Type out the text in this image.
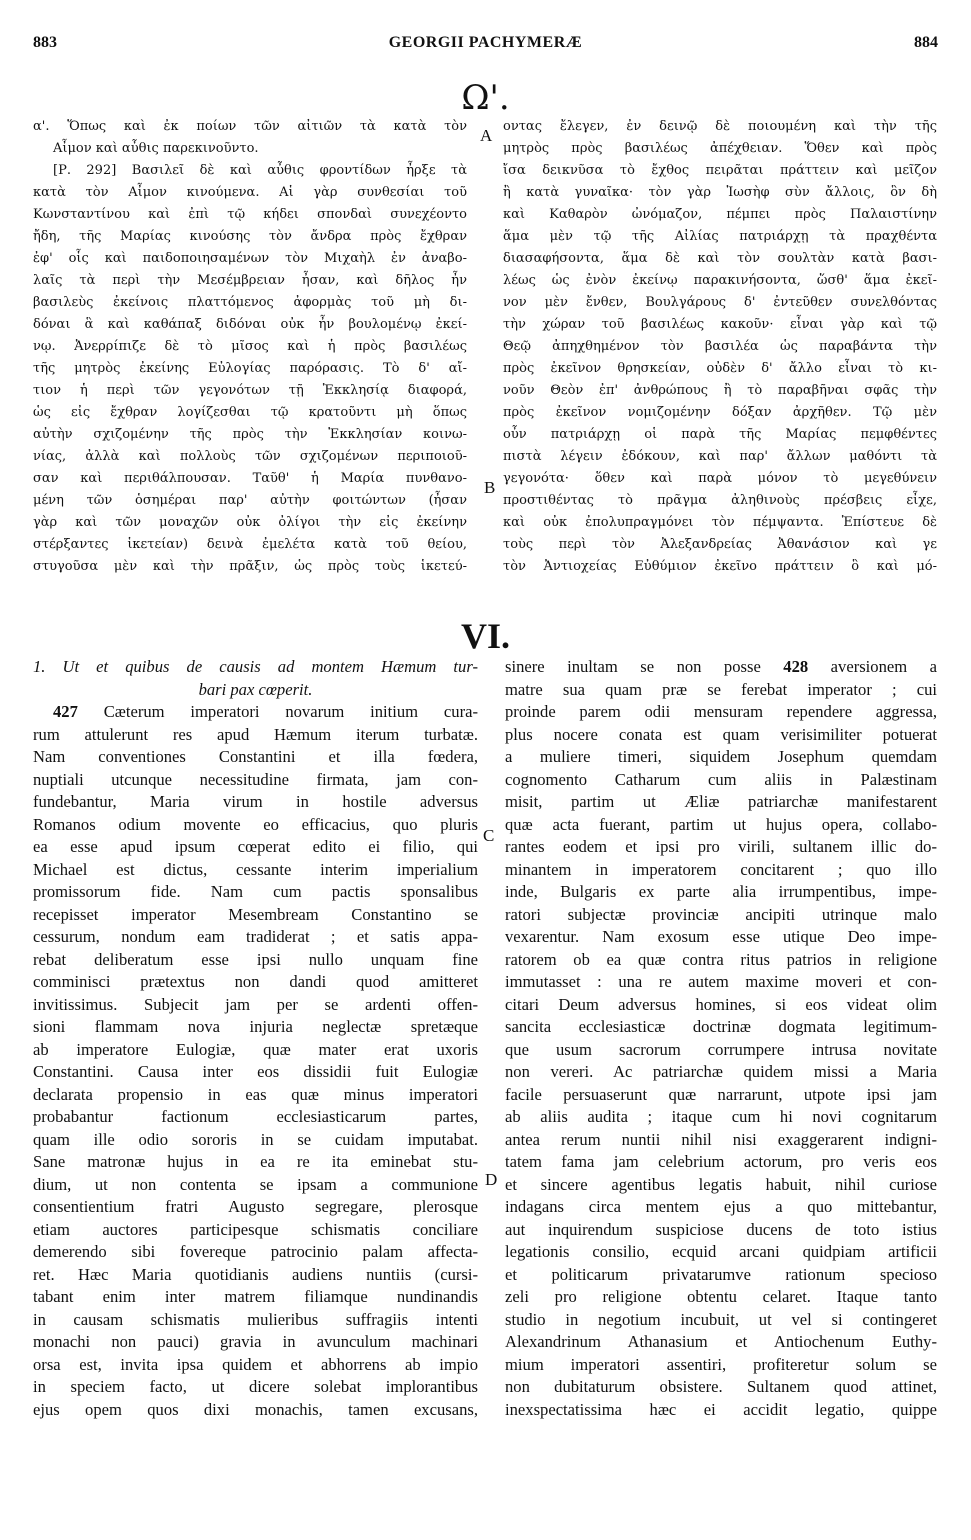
883	GEORGII PACHYMERÆ	884
Ω'.
α'. Ὅπως καὶ ἐκ ποίων τῶν αἰτιῶν τὰ κατὰ τὸν
Αἶμον καὶ αὖθις παρεκινοῦντο.
[Ρ. 292] Βασιλεῖ δὲ καὶ αὖθις φροντίδων ἦρξε τὰ
κατὰ τὸν Αἶμον κινούμενα. Αἱ γὰρ συνθεσίαι τοῦ
Κωνσταντίνου καὶ ἐπὶ τῷ κήδει σπονδαὶ συνεχέοντο
ἤδη, τῆς Μαρίας κινούσης τὸν ἄνδρα πρὸς ἔχθραν
ἐφ' οἷς καὶ παιδοποιησαμένων τὸν Μιχαὴλ ἐν ἀναβο-
λαῖς τὰ περὶ τὴν Μεσέμβρειαν ἦσαν, καὶ δῆλος ἦν
βασιλεὺς ἐκείνοις πλαττόμενος ἀφορμὰς τοῦ μὴ δι-
δόναι ἃ καὶ καθάπαξ διδόναι οὐκ ἦν βουλομένῳ ἐκεί-
νῳ. Ἀνερρίπιζε δὲ τὸ μῖσος καὶ ἡ πρὸς βασιλέως
τῆς μητρὸς ἐκείνης Εὐλογίας παρόρασις. Τὸ δ' αἴ-
τιον ἡ περὶ τῶν γεγονότων τῇ Ἐκκλησίᾳ διαφορά,
ὡς εἰς ἔχθραν λογίζεσθαι τῷ κρατοῦντι μὴ ὅπως
αὐτὴν σχιζομένην τῆς πρὸς τὴν Ἐκκλησίαν κοινω-
νίας, ἀλλὰ καὶ πολλοὺς τῶν σχιζομένων περιποιοῦ-
σαν καὶ περιθάλπουσαν. Ταῦθ' ἡ Μαρία πυνθανο-
μένη τῶν ὁσημέραι παρ' αὐτὴν φοιτώντων (ἦσαν
γὰρ καὶ τῶν μοναχῶν οὐκ ὀλίγοι τὴν εἰς ἐκείνην
στέρξαντες ἱκετείαν) δεινὰ ἐμελέτα κατὰ τοῦ θείου,
στυγοῦσα μὲν καὶ τὴν πρᾶξιν, ὡς πρὸς τοὺς ἱκετεύ-
οντας ἔλεγεν, ἐν δεινῷ δὲ ποιουμένη καὶ τὴν τῆς
μητρὸς πρὸς βασιλέως ἀπέχθειαν. Ὅθεν καὶ πρὸς
ἴσα δεικνῦσα τὸ ἔχθος πειρᾶται πράττειν καὶ μεῖζον
ἢ κατὰ γυναῖκα· τὸν γὰρ Ἰωσὴφ σὺν ἄλλοις, ὃν δὴ
καὶ Καθαρὸν ὠνόμαζον, πέμπει πρὸς Παλαιστίνην
ἅμα μὲν τῷ τῆς Αἰλίας πατριάρχῃ τὰ πραχθέντα
διασαφήσοντα, ἅμα δὲ καὶ τὸν σουλτὰν κατὰ βασι-
λέως ὡς ἐνὸν ἐκείνῳ παρακινήσοντα, ὥσθ' ἅμα ἐκεῖ-
νον μὲν ἔνθεν, Βουλγάρους δ' ἐντεῦθεν συνελθόντας
τὴν χώραν τοῦ βασιλέως κακοῦν· εἶναι γὰρ καὶ τῷ
Θεῷ ἀπηχθημένον τὸν βασιλέα ὡς παραβάντα τὴν
πρὸς ἐκεῖνον θρησκείαν, οὐδὲν δ' ἄλλο εἶναι τὸ κι-
νοῦν Θεὸν ἐπ' ἀνθρώπους ἢ τὸ παραβῆναι σφᾶς τὴν
πρὸς ἐκεῖνον νομιζομένην δόξαν ἀρχῆθεν. Τῷ μὲν
οὖν πατριάρχῃ οἱ παρὰ τῆς Μαρίας πεμφθέντες
πιστὰ λέγειν ἐδόκουν, καὶ παρ' ἄλλων μαθόντι τὰ
γεγονότα· ὅθεν καὶ παρὰ μόνον τὸ μεγεθύνειν
προστιθέντας τὸ πρᾶγμα ἀληθινοὺς πρέσβεις εἶχε,
καὶ οὐκ ἐπολυπραγμόνει τὸν πέμψαντα. Ἐπίστευε δὲ
τοὺς περὶ τὸν Ἀλεξανδρείας Ἀθανάσιον καὶ γε
τὸν Ἀντιοχείας Εὐθύμιον ἐκεῖνο πράττειν ὃ καὶ μό-
VI.
1. Ut et quibus de causis ad montem Hæmum tur-
bari pax cœperit.
427 Cæterum imperatori novarum initium cura-
rum attulerunt res apud Hæmum iterum turbatæ.
Nam conventiones Constantini et illa fœdera,
nuptiali utcunque necessitudine firmata, jam con-
fundebantur, Maria virum in hostile adversus
Romanos odium movente eo efficacius, quo pluris
ea esse apud ipsum cœperat edito ei filio, qui
Michael est dictus, cessante interim imperialium
promissorum fide. Nam cum pactis sponsalibus
recepisset imperator Mesembream Constantino se
cessurum, nondum eam tradiderat ; et satis appa-
rebat deliberatum esse ipsi nullo unquam fine
comminisci prætextus non dandi quod amitteret
invitissimus. Subjecit jam per se ardenti offen-
sioni flammam nova injuria neglectæ spretæque
ab imperatore Eulogiæ, quæ mater erat uxoris
Constantini. Causa inter eos dissidii fuit Eulogiæ
declarata propensio in eas quæ minus imperatori
probabantur factionum ecclesiasticarum partes,
quam ille odio sororis in se cuidam imputabat.
Sane matronæ hujus in ea re ita eminebat stu-
dium, ut non contenta se ipsam a communione
consentientium fratri Augusto segregare, plerosque
etiam auctores participesque schismatis conciliare
demerendo sibi fovereque patrocinio palam affecta-
ret. Hæc Maria quotidianis audiens nuntiis (cursi-
tabant enim inter matrem filiamque nundinandis
in causam schismatis mulieribus suffragiis intenti
monachi non pauci) gravia in avunculum machinari
orsa est, invita ipsa quidem et abhorrens ab impio
in speciem facto, ut dicere solebat implorantibus
ejus opem quos dixi monachis, tamen excusans,
sinere inultam se non posse 428 aversionem a
matre sua quam præ se ferebat imperator ; cui
proinde parem odii mensuram rependere aggressa,
plus nocere conata est quam verisimiliter potuerat
a muliere timeri, siquidem Josephum quemdam
cognomento Catharum cum aliis in Palæstinam
misit, partim ut Æliæ patriarchæ manifestarent
quæ acta fuerant, partim ut hujus opera, collabo-
rantes eodem et ipsi pro virili, sultanem illic do-
minantem in imperatorem concitarent ; quo illo
inde, Bulgaris ex parte alia irrumpentibus, impe-
ratori subjectæ provinciæ ancipiti utrinque malo
vexarentur. Nam exosum esse utique Deo impe-
ratorem ob ea quæ contra ritus patrios in religione
immutasset : una re autem maxime moveri et con-
citari Deum adversus homines, si eos videat olim
sancita ecclesiasticæ doctrinæ dogmata legitimum-
que usum sacrorum corrumpere intrusa novitate
non vereri. Ac patriarchæ quidem missi a Maria
facile persuaserunt quæ narrarunt, utpote ipsi jam
ab aliis audita ; itaque cum hi novi cognitarum
antea rerum nuntii nihil nisi exaggerarent indigni-
tatem fama jam celebrium actorum, pro veris eos
et sincere agentibus legatis habuit, nihil curiose
indagans circa mentem ejus a quo mittebantur,
aut inquirendum suspiciose ducens de toto istius
legationis consilio, ecquid arcani quidpiam artificii
et politicarum privatarumve rationum specioso
zeli pro religione obtentu celaret. Itaque tanto
studio in negotium incubuit, ut vel si contingeret
Alexandrinum Athanasium et Antiochenum Euthy-
mium imperatori assentiri, profiteretur solum se
non dubitaturum obsistere. Sultanem quod attinet,
inexspectatissima hæc ei accidit legatio, quippe
A
B
C
D
